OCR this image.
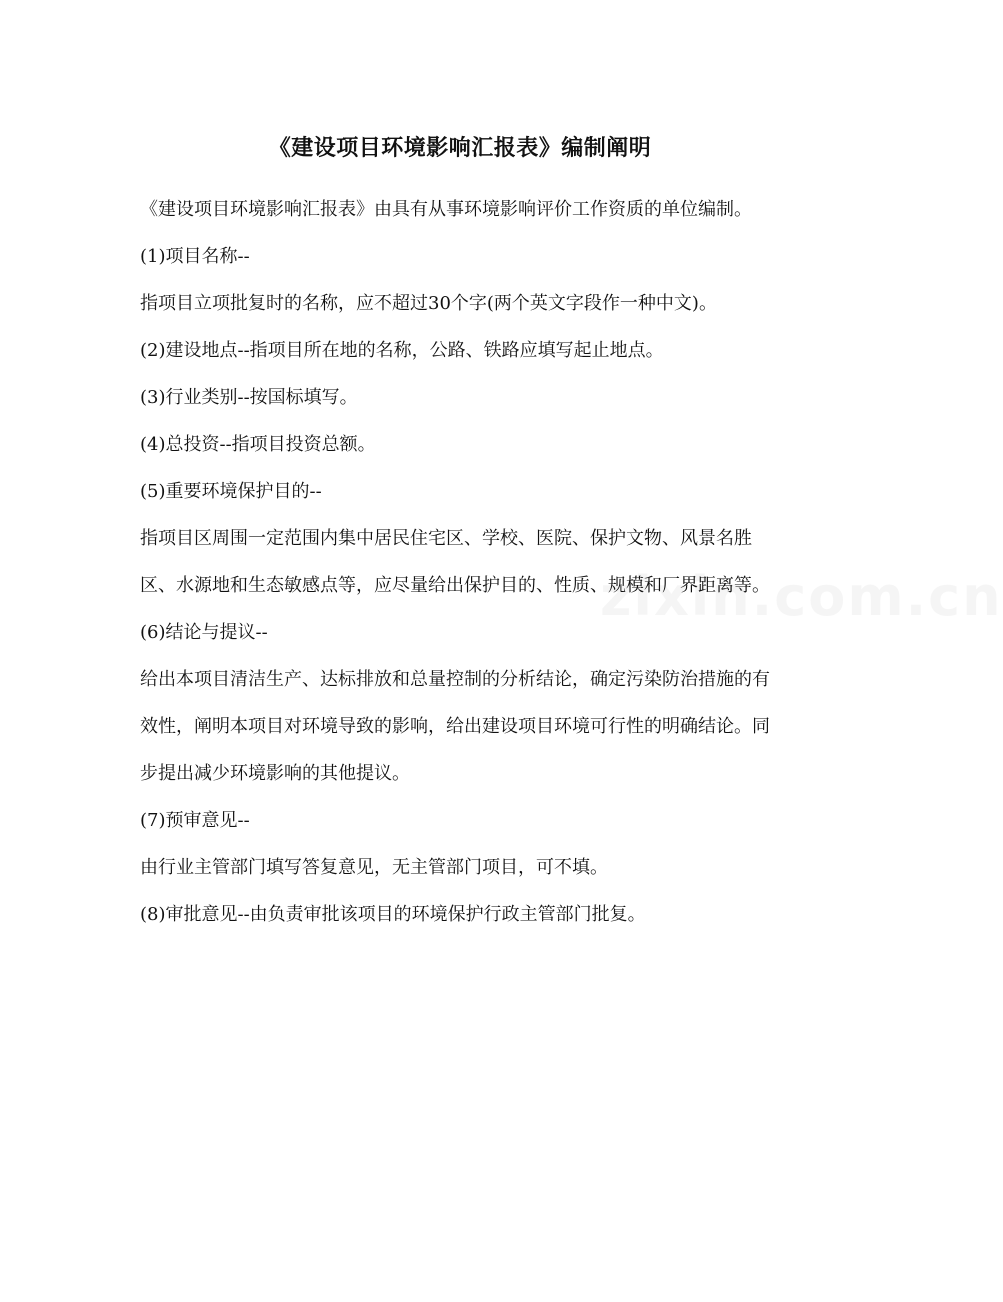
zixin.com.cn
《建设项目环境影响汇报表》编制阐明

《建设项目环境影响汇报表》由具有从事环境影响评价工作资质的单位编制。

(1)项目名称--

指项目立项批复时的名称，应不超过30个字(两个英文字段作一种中文)。

(2)建设地点--指项目所在地的名称，公路、铁路应填写起止地点。

(3)行业类别--按国标填写。

(4)总投资--指项目投资总额。

(5)重要环境保护目的--

指项目区周围一定范围内集中居民住宅区、学校、医院、保护文物、风景名胜区、水源地和生态敏感点等，应尽量给出保护目的、性质、规模和厂界距离等。

(6)结论与提议--

给出本项目清洁生产、达标排放和总量控制的分析结论，确定污染防治措施的有效性，阐明本项目对环境导致的影响，给出建设项目环境可行性的明确结论。同步提出减少环境影响的其他提议。

(7)预审意见--

由行业主管部门填写答复意见，无主管部门项目，可不填。

(8)审批意见--由负责审批该项目的环境保护行政主管部门批复。
